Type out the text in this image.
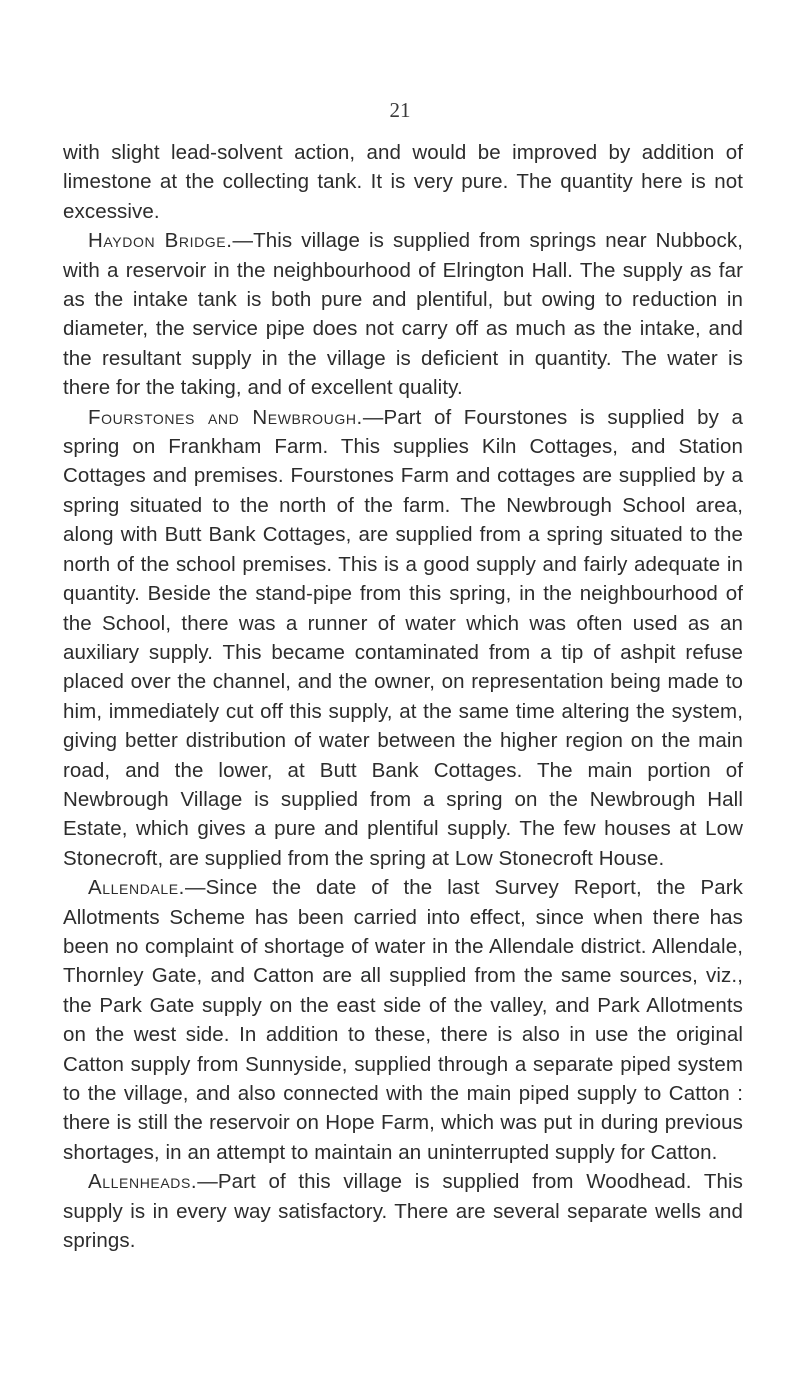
21

with slight lead-solvent action, and would be improved by addition of limestone at the collecting tank. It is very pure. The quantity here is not excessive.

Haydon Bridge.—This village is supplied from springs near Nubbock, with a reservoir in the neighbourhood of Elrington Hall. The supply as far as the intake tank is both pure and plentiful, but owing to reduction in diameter, the service pipe does not carry off as much as the intake, and the resultant supply in the village is deficient in quantity. The water is there for the taking, and of excellent quality.

Fourstones and Newbrough.—Part of Fourstones is supplied by a spring on Frankham Farm. This supplies Kiln Cottages, and Station Cottages and premises. Fourstones Farm and cottages are supplied by a spring situated to the north of the farm. The Newbrough School area, along with Butt Bank Cottages, are supplied from a spring situated to the north of the school premises. This is a good supply and fairly adequate in quantity. Beside the stand-pipe from this spring, in the neighbourhood of the School, there was a runner of water which was often used as an auxiliary supply. This became contaminated from a tip of ashpit refuse placed over the channel, and the owner, on representation being made to him, immediately cut off this supply, at the same time altering the system, giving better distribution of water between the higher region on the main road, and the lower, at Butt Bank Cottages. The main portion of Newbrough Village is supplied from a spring on the Newbrough Hall Estate, which gives a pure and plentiful supply. The few houses at Low Stonecroft, are supplied from the spring at Low Stonecroft House.

Allendale.—Since the date of the last Survey Report, the Park Allotments Scheme has been carried into effect, since when there has been no complaint of shortage of water in the Allendale district. Allendale, Thornley Gate, and Catton are all supplied from the same sources, viz., the Park Gate supply on the east side of the valley, and Park Allotments on the west side. In addition to these, there is also in use the original Catton supply from Sunnyside, supplied through a separate piped system to the village, and also connected with the main piped supply to Catton : there is still the reservoir on Hope Farm, which was put in during previous shortages, in an attempt to maintain an uninterrupted supply for Catton.

Allenheads.—Part of this village is supplied from Woodhead. This supply is in every way satisfactory. There are several separate wells and springs.
